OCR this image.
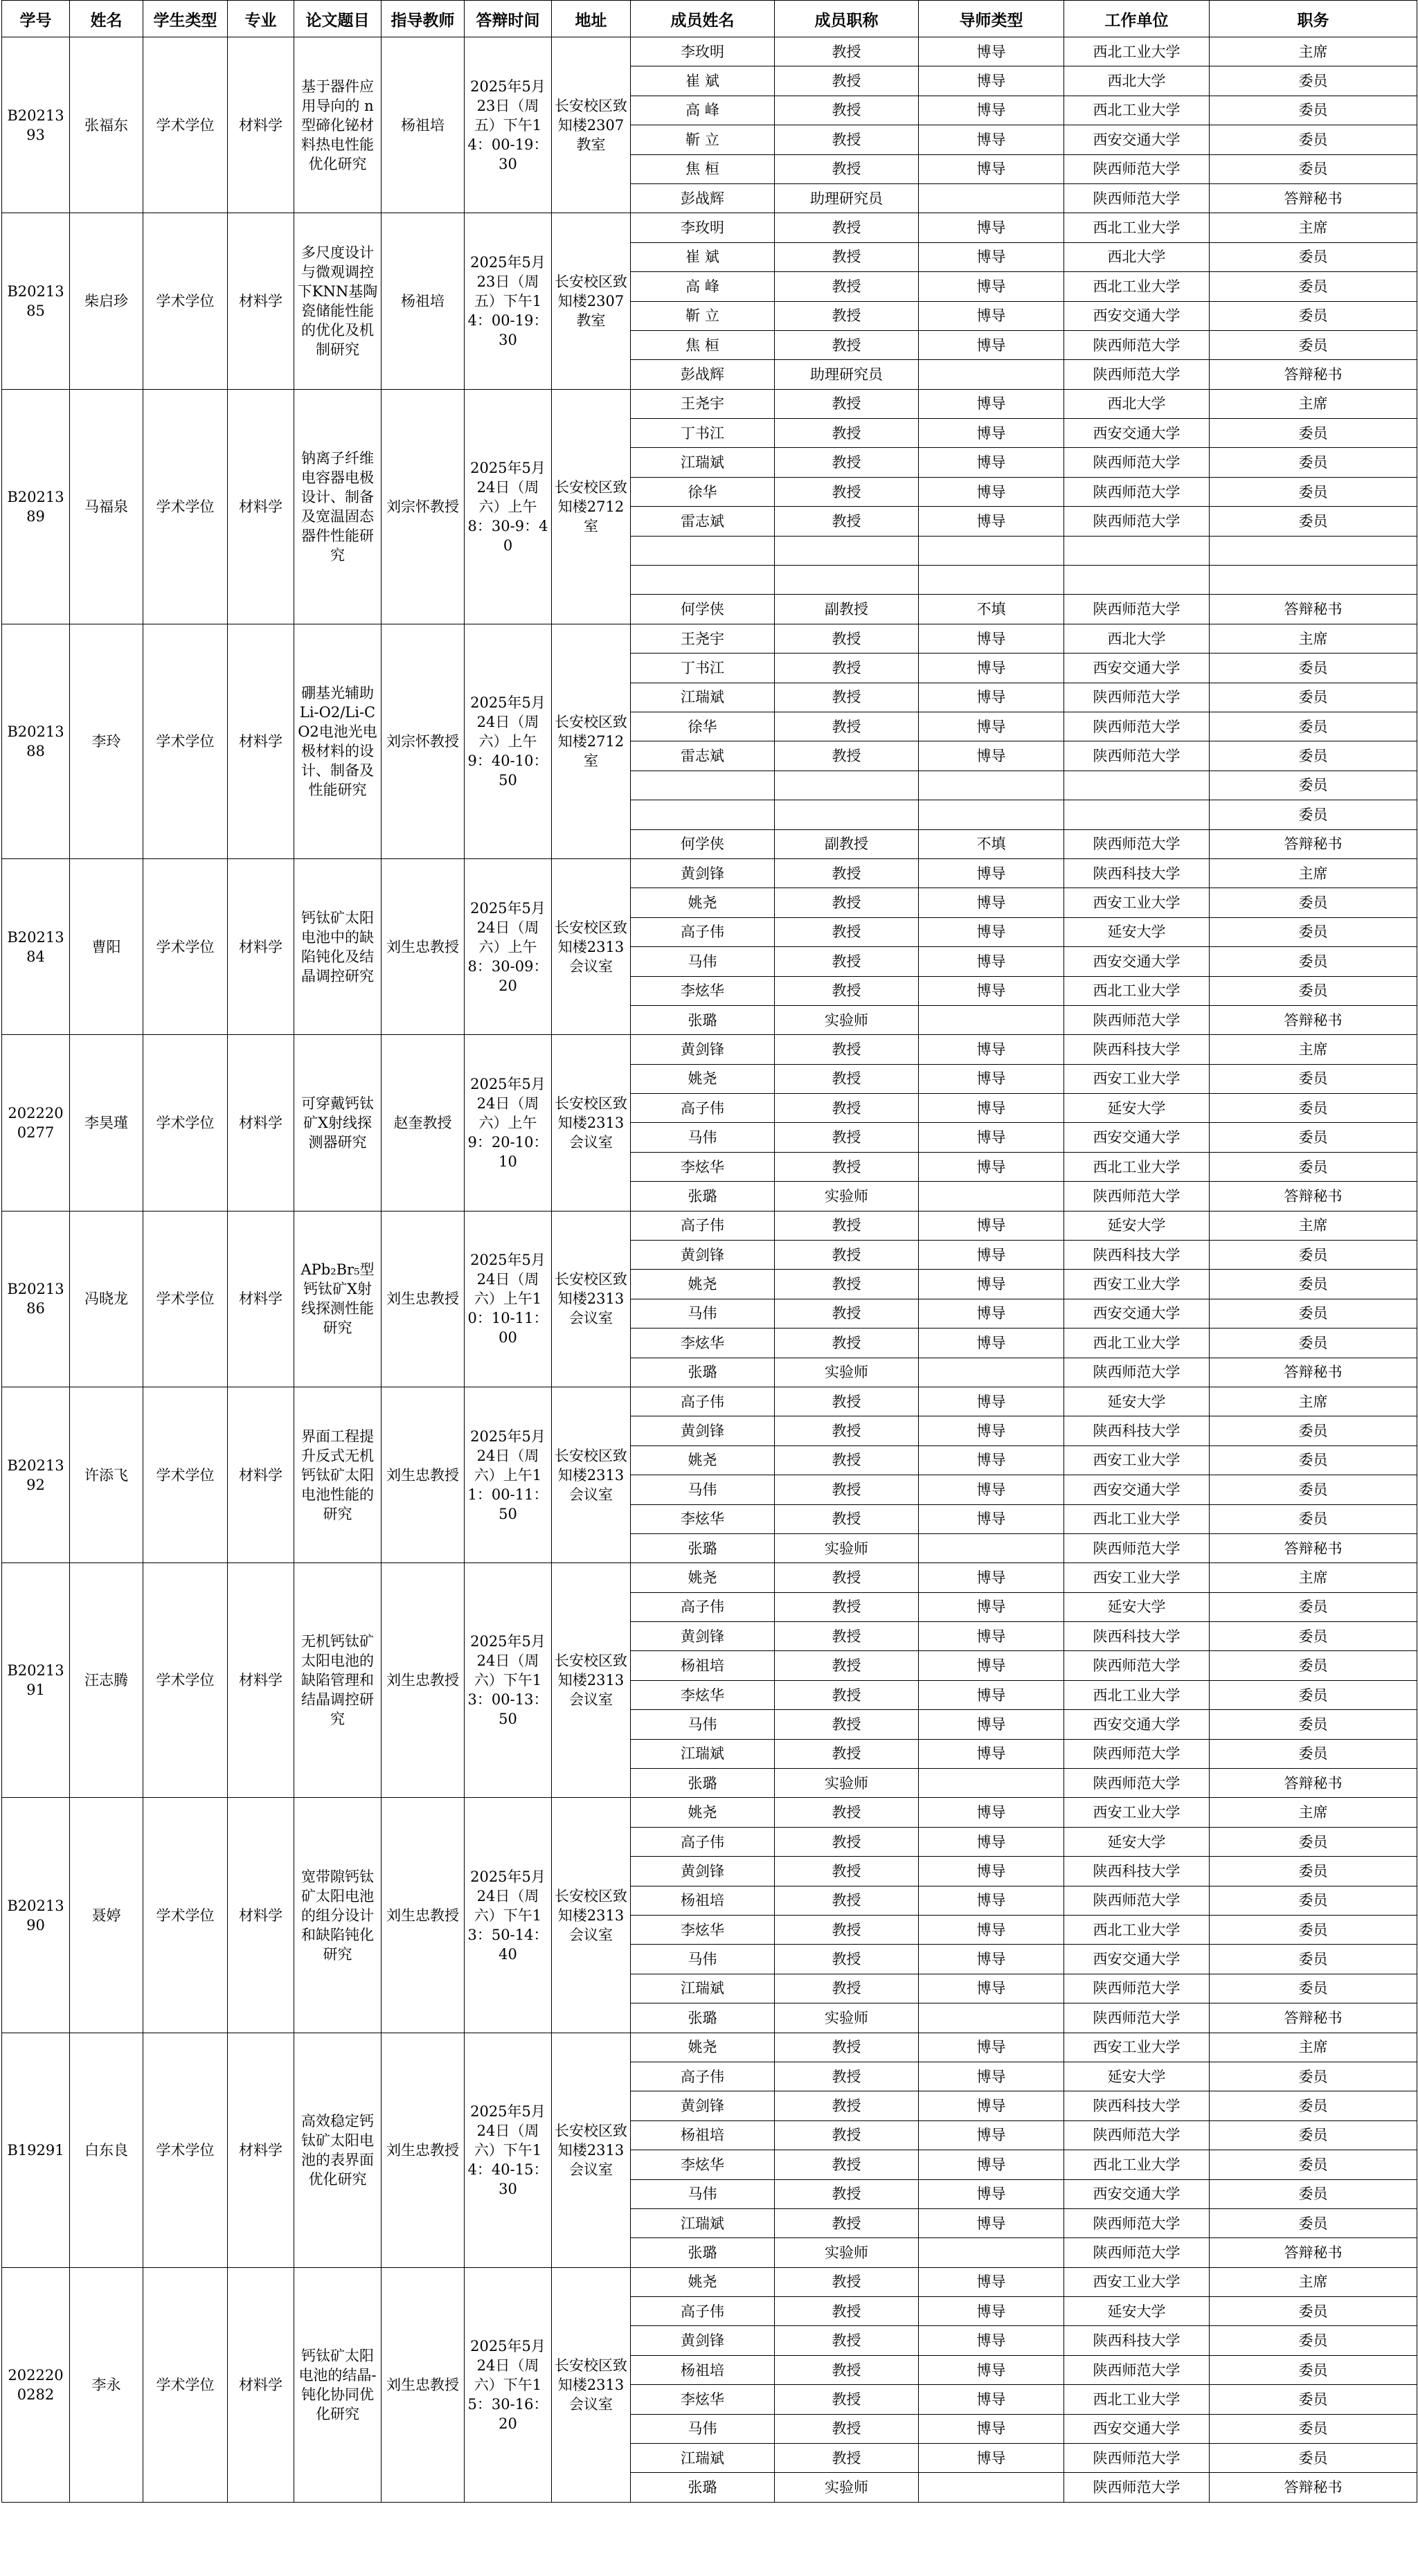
学号	姓名	学生类型	专业	论文题目	指导教师	答辩时间	地址	成员姓名	成员职称	导师类型	工作单位	职务
B2021393	张福东	学术学位	材料学	基于器件应用导向的 n 型碲化铋材料热电性能优化研究	杨祖培	2025年5月23日（周五）下午14：00-19：30	长安校区致知楼2307教室	李玫明	教授	博导	西北工业大学	主席
								崔 斌	教授	博导	西北大学	委员
								高 峰	教授	博导	西北工业大学	委员
								靳 立	教授	博导	西安交通大学	委员
								焦 桓	教授	博导	陕西师范大学	委员
								彭战辉	助理研究员		陕西师范大学	答辩秘书
B2021385	柴启珍	学术学位	材料学	多尺度设计与微观调控下KNN基陶瓷储能性能的优化及机制研究	杨祖培	2025年5月23日（周五）下午14：00-19：30	长安校区致知楼2307教室	李玫明	教授	博导	西北工业大学	主席
								崔 斌	教授	博导	西北大学	委员
								高 峰	教授	博导	西北工业大学	委员
								靳 立	教授	博导	西安交通大学	委员
								焦 桓	教授	博导	陕西师范大学	委员
								彭战辉	助理研究员		陕西师范大学	答辩秘书
B2021389	马福泉	学术学位	材料学	钠离子纤维电容器电极设计、制备及宽温固态器件性能研究	刘宗怀教授	2025年5月24日（周六）上午8：30-9：40	长安校区致知楼2712室	王尧宇	教授	博导	西北大学	主席
								丁书江	教授	博导	西安交通大学	委员
								江瑞斌	教授	博导	陕西师范大学	委员
								徐华	教授	博导	陕西师范大学	委员
								雷志斌	教授	博导	陕西师范大学	委员

								何学侠	副教授	不填	陕西师范大学	答辩秘书
B2021388	李玲	学术学位	材料学	硼基光辅助Li-O2/Li-CO2电池光电极材料的设计、制备及性能研究	刘宗怀教授	2025年5月24日（周六）上午9：40-10：50	长安校区致知楼2712室	王尧宇	教授	博导	西北大学	主席
								丁书江	教授	博导	西安交通大学	委员
								江瑞斌	教授	博导	陕西师范大学	委员
								徐华	教授	博导	陕西师范大学	委员
								雷志斌	教授	博导	陕西师范大学	委员
												委员
												委员
								何学侠	副教授	不填	陕西师范大学	答辩秘书
B2021384	曹阳	学术学位	材料学	钙钛矿太阳电池中的缺陷钝化及结晶调控研究	刘生忠教授	2025年5月24日（周六）上午8：30-09：20	长安校区致知楼2313会议室	黄剑锋	教授	博导	陕西科技大学	主席
								姚尧	教授	博导	西安工业大学	委员
								高子伟	教授	博导	延安大学	委员
								马伟	教授	博导	西安交通大学	委员
								李炫华	教授	博导	西北工业大学	委员
								张璐	实验师		陕西师范大学	答辩秘书
2022200277	李昊瑾	学术学位	材料学	可穿戴钙钛矿X射线探测器研究	赵奎教授	2025年5月24日（周六）上午9：20-10：10	长安校区致知楼2313会议室	黄剑锋	教授	博导	陕西科技大学	主席
								姚尧	教授	博导	西安工业大学	委员
								高子伟	教授	博导	延安大学	委员
								马伟	教授	博导	西安交通大学	委员
								李炫华	教授	博导	西北工业大学	委员
								张璐	实验师		陕西师范大学	答辩秘书
B2021386	冯晓龙	学术学位	材料学	APb₂Br₅型钙钛矿X射线探测性能研究	刘生忠教授	2025年5月24日（周六）上午10：10-11：00	长安校区致知楼2313会议室	高子伟	教授	博导	延安大学	主席
								黄剑锋	教授	博导	陕西科技大学	委员
								姚尧	教授	博导	西安工业大学	委员
								马伟	教授	博导	西安交通大学	委员
								李炫华	教授	博导	西北工业大学	委员
								张璐	实验师		陕西师范大学	答辩秘书
B2021392	许添飞	学术学位	材料学	界面工程提升反式无机钙钛矿太阳电池性能的研究	刘生忠教授	2025年5月24日（周六）上午11：00-11：50	长安校区致知楼2313会议室	高子伟	教授	博导	延安大学	主席
								黄剑锋	教授	博导	陕西科技大学	委员
								姚尧	教授	博导	西安工业大学	委员
								马伟	教授	博导	西安交通大学	委员
								李炫华	教授	博导	西北工业大学	委员
								张璐	实验师		陕西师范大学	答辩秘书
B2021391	汪志腾	学术学位	材料学	无机钙钛矿太阳电池的缺陷管理和结晶调控研究	刘生忠教授	2025年5月24日（周六）下午13：00-13：50	长安校区致知楼2313会议室	姚尧	教授	博导	西安工业大学	主席
								高子伟	教授	博导	延安大学	委员
								黄剑锋	教授	博导	陕西科技大学	委员
								杨祖培	教授	博导	陕西师范大学	委员
								李炫华	教授	博导	西北工业大学	委员
								马伟	教授	博导	西安交通大学	委员
								江瑞斌	教授	博导	陕西师范大学	委员
								张璐	实验师		陕西师范大学	答辩秘书
B2021390	聂婷	学术学位	材料学	宽带隙钙钛矿太阳电池的组分设计和缺陷钝化研究	刘生忠教授	2025年5月24日（周六）下午13：50-14：40	长安校区致知楼2313会议室	姚尧	教授	博导	西安工业大学	主席
								高子伟	教授	博导	延安大学	委员
								黄剑锋	教授	博导	陕西科技大学	委员
								杨祖培	教授	博导	陕西师范大学	委员
								李炫华	教授	博导	西北工业大学	委员
								马伟	教授	博导	西安交通大学	委员
								江瑞斌	教授	博导	陕西师范大学	委员
								张璐	实验师		陕西师范大学	答辩秘书
B19291	白东良	学术学位	材料学	高效稳定钙钛矿太阳电池的表界面优化研究	刘生忠教授	2025年5月24日（周六）下午14：40-15：30	长安校区致知楼2313会议室	姚尧	教授	博导	西安工业大学	主席
								高子伟	教授	博导	延安大学	委员
								黄剑锋	教授	博导	陕西科技大学	委员
								杨祖培	教授	博导	陕西师范大学	委员
								李炫华	教授	博导	西北工业大学	委员
								马伟	教授	博导	西安交通大学	委员
								江瑞斌	教授	博导	陕西师范大学	委员
								张璐	实验师		陕西师范大学	答辩秘书
2022200282	李永	学术学位	材料学	钙钛矿太阳电池的结晶-钝化协同优化研究	刘生忠教授	2025年5月24日（周六）下午15：30-16：20	长安校区致知楼2313会议室	姚尧	教授	博导	西安工业大学	主席
								高子伟	教授	博导	延安大学	委员
								黄剑锋	教授	博导	陕西科技大学	委员
								杨祖培	教授	博导	陕西师范大学	委员
								李炫华	教授	博导	西北工业大学	委员
								马伟	教授	博导	西安交通大学	委员
								江瑞斌	教授	博导	陕西师范大学	委员
								张璐	实验师		陕西师范大学	答辩秘书
